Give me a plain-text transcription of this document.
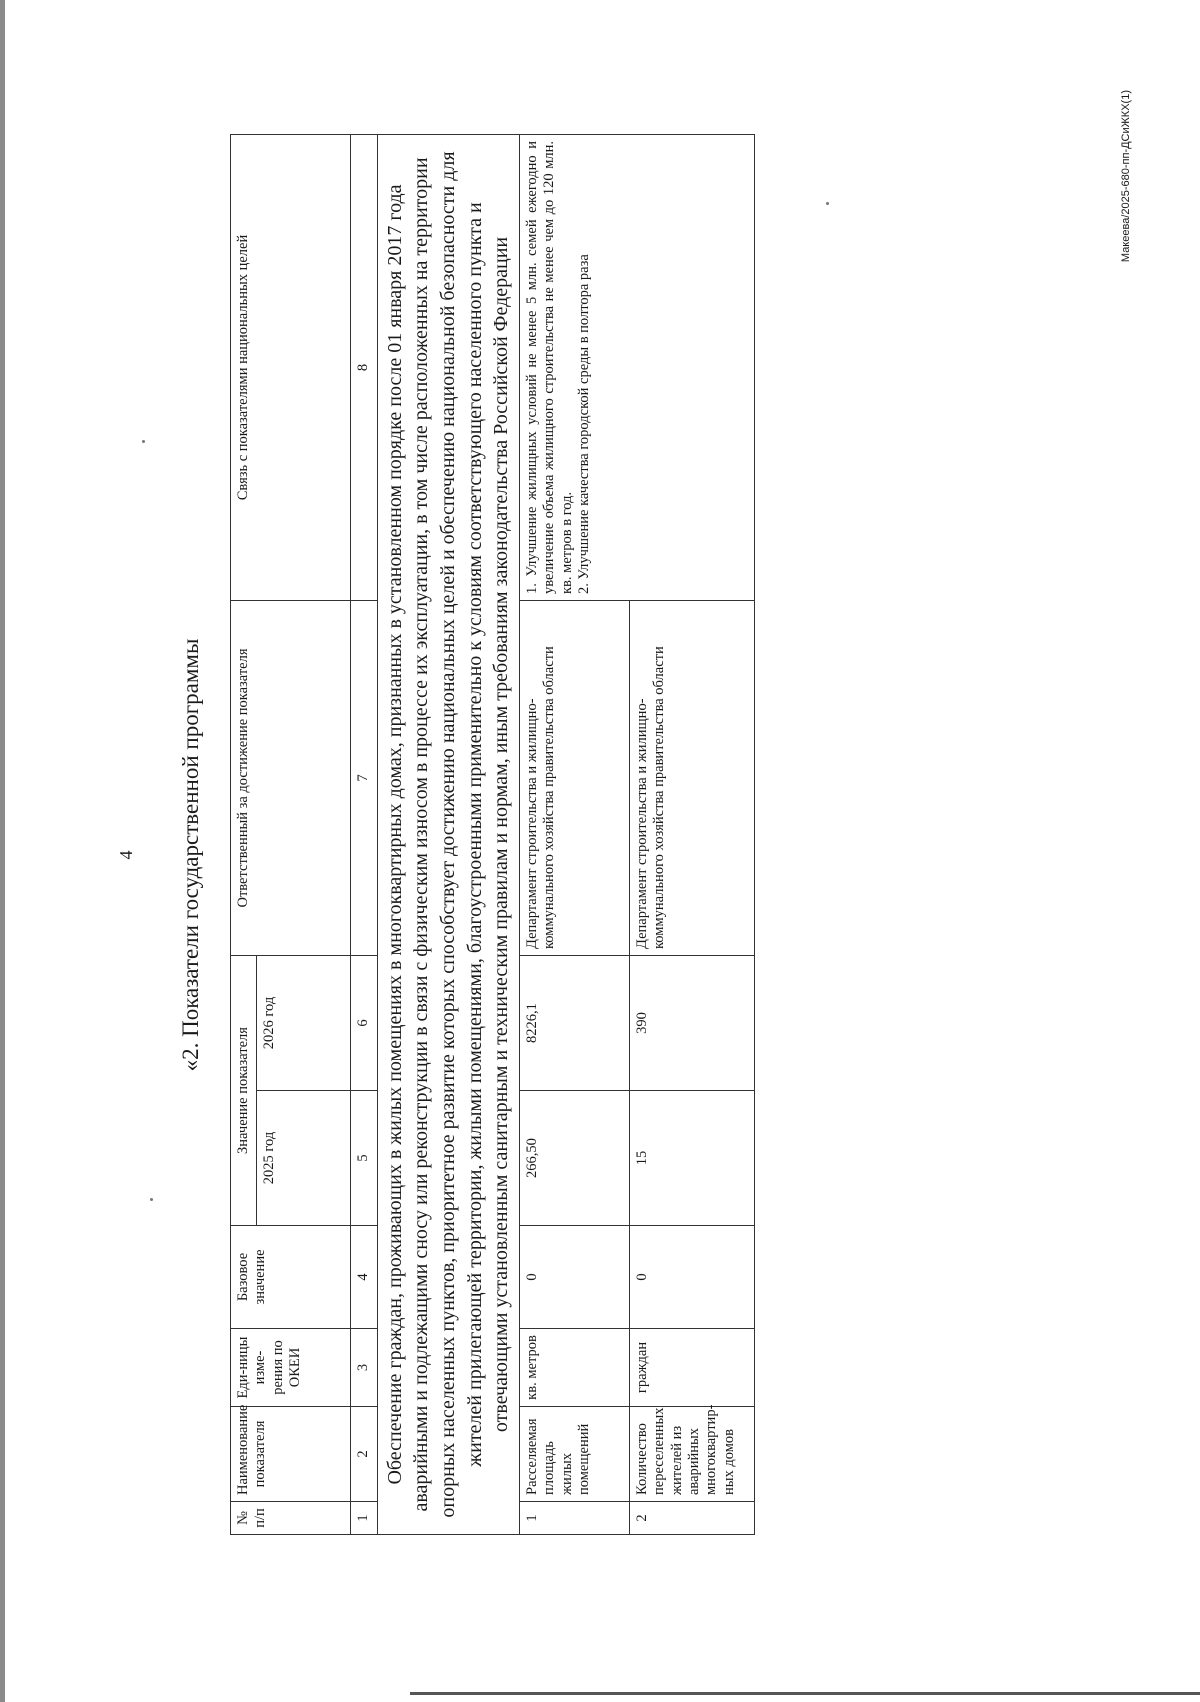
4 «2. Показатели государственной программы
№ п/п	Наименование показателя	Еди-ницы изме-рения по ОКЕИ	Базовое значение	Значение показателя		Ответственный за достижение показателя	Связь с показателями национальных целей
				2025 год	2026 год		
1	2	3	4	5	6	7	8
Обеспечение граждан, проживающих в жилых помещениях в многоквартирных домах, признанных в установленном порядке после 01 января 2017 года аварийными и подлежащими сносу или реконструкции в связи с физическим износом в процессе их эксплуатации, в том числе расположенных на территории опорных населенных пунктов, приоритетное развитие которых способствует достижению национальных целей и обеспечению национальной безопасности для жителей прилегающей территории, жилыми помещениями, благоустроенными применительно к условиям соответствующего населенного пункта и отвечающими установленным санитарным и техническим правилам и нормам, иным требованиям законодательства Российской Федерации							
1	Расселяемая площадь жилых помещений	кв. метров	0	266,50	8226,1	Департамент строительства и жилищно-коммунального хозяйства правительства области	1. Улучшение жилищных условий не менее 5 млн. семей ежегодно и увеличение объема жилищного строительства не менее чем до 120 млн. кв. метров в год. 2. Улучшение качества городской среды в полтора раза

2	Количество переселенных жителей из аварийных многоквартир-ных домов	граждан	0	15	390	Департамент строительства и жилищно-коммунального хозяйства правительства области	
Макеева/2025-680-пп-ДСиЖКХ(1)
